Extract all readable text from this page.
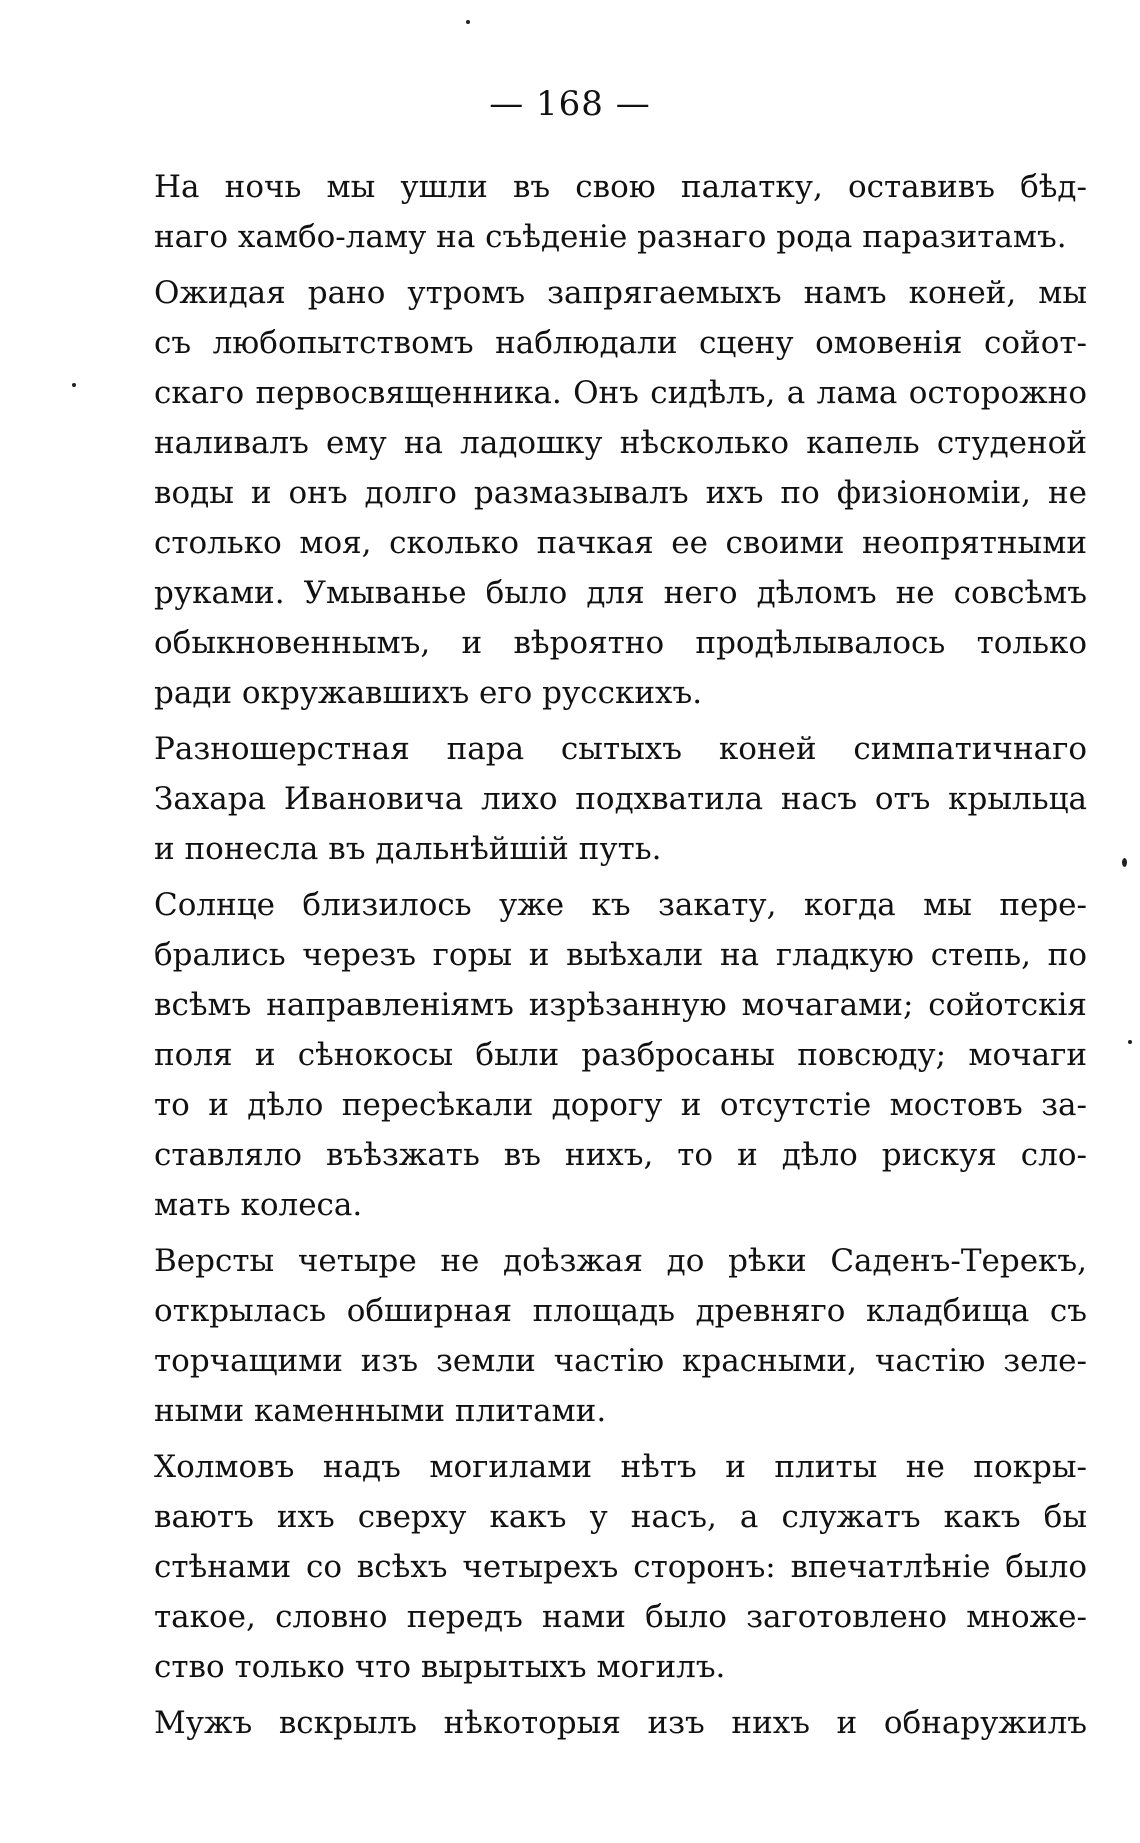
— 168 —
На ночь мы ушли въ свою палатку, оставивъ бѣд-
наго хамбо-ламу на съѣденіе разнаго рода паразитамъ.
Ожидая рано утромъ запрягаемыхъ намъ коней, мы
съ любопытствомъ наблюдали сцену омовенія сойот-
скаго первосвященника. Онъ сидѣлъ, а лама осторожно
наливалъ ему на ладошку нѣсколько капель студеной
воды и онъ долго размазывалъ ихъ по физіономіи, не
столько моя, сколько пачкая ее своими неопрятными
руками. Умыванье было для него дѣломъ не совсѣмъ
обыкновеннымъ, и вѣроятно продѣлывалось только
ради окружавшихъ его русскихъ.
Разношерстная пара сытыхъ коней симпатичнаго
Захара Ивановича лихо подхватила насъ отъ крыльца
и понесла въ дальнѣйшій путь.
Солнце близилось уже къ закату, когда мы пере-
брались черезъ горы и выѣхали на гладкую степь, по
всѣмъ направленіямъ изрѣзанную мочагами; сойотскія
поля и сѣнокосы были разбросаны повсюду; мочаги
то и дѣло пересѣкали дорогу и отсутстіе мостовъ за-
ставляло въѣзжать въ нихъ, то и дѣло рискуя сло-
мать колеса.
Версты четыре не доѣзжая до рѣки Саденъ-Терекъ,
открылась обширная площадь древняго кладбища съ
торчащими изъ земли частію красными, частію зеле-
ными каменными плитами.
Холмовъ надъ могилами нѣтъ и плиты не покры-
ваютъ ихъ сверху какъ у насъ, а служатъ какъ бы
стѣнами со всѣхъ четырехъ сторонъ: впечатлѣніе было
такое, словно передъ нами было заготовлено множе-
ство только что вырытыхъ могилъ.
Мужъ вскрылъ нѣкоторыя изъ нихъ и обнаружилъ
